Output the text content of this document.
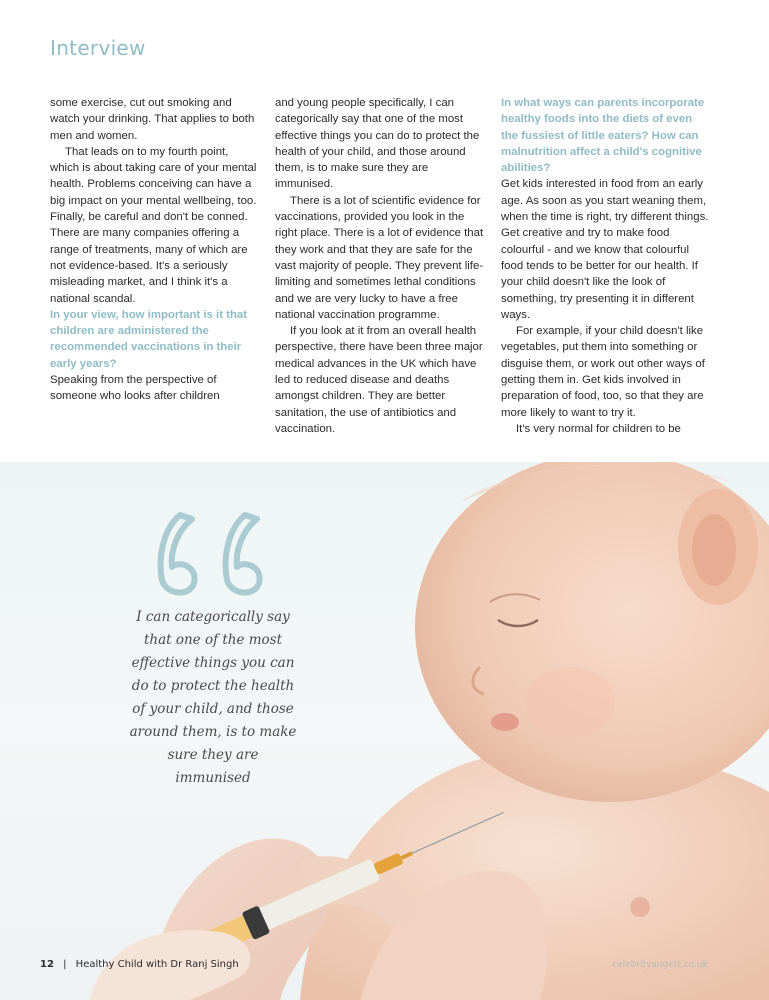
Interview

some exercise, cut out smoking and watch your drinking. That applies to both men and women.

That leads on to my fourth point, which is about taking care of your mental health. Problems conceiving can have a big impact on your mental wellbeing, too. Finally, be careful and don't be conned. There are many companies offering a range of treatments, many of which are not evidence-based. It's a seriously misleading market, and I think it's a national scandal.

In your view, how important is it that children are administered the recommended vaccinations in their early years?

Speaking from the perspective of someone who looks after children

and young people specifically, I can categorically say that one of the most effective things you can do to protect the health of your child, and those around them, is to make sure they are immunised.

There is a lot of scientific evidence for vaccinations, provided you look in the right place. There is a lot of evidence that they work and that they are safe for the vast majority of people. They prevent life-limiting and sometimes lethal conditions and we are very lucky to have a free national vaccination programme.

If you look at it from an overall health perspective, there have been three major medical advances in the UK which have led to reduced disease and deaths amongst children. They are better sanitation, the use of antibiotics and vaccination.

In what ways can parents incorporate healthy foods into the diets of even the fussiest of little eaters? How can malnutrition affect a child's cognitive abilities?

Get kids interested in food from an early age. As soon as you start weaning them, when the time is right, try different things. Get creative and try to make food colourful - and we know that colourful food tends to be better for our health. If your child doesn't like the look of something, try presenting it in different ways.

For example, if your child doesn't like vegetables, put them into something or disguise them, or work out other ways of getting them in. Get kids involved in preparation of food, too, so that they are more likely to want to try it.

It's very normal for children to be

I can categorically say that one of the most effective things you can do to protect the health of your child, and those around them, is to make sure they are immunised

12 | Healthy Child with Dr Ranj Singh	celebrityangels.co.uk
